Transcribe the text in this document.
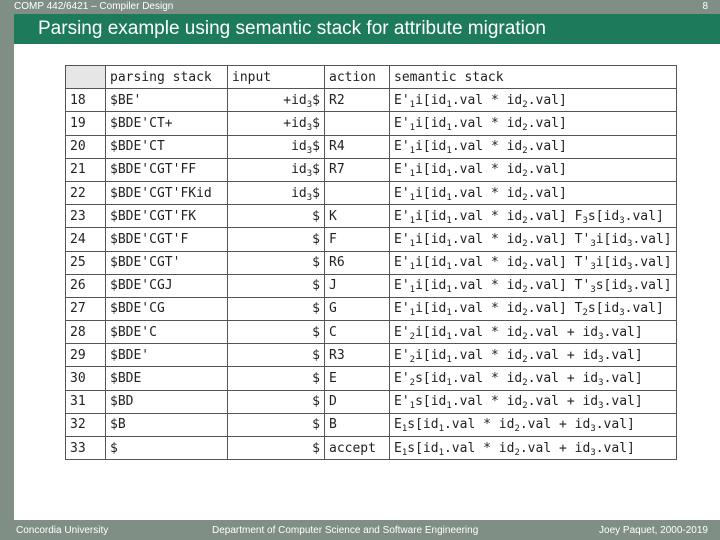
COMP 442/6421 – Compiler Design	8
Parsing example using semantic stack for attribute migration
	parsing stack	input	action	semantic stack
18	$BE'	$+id_3\$$	R2	$E'_1i[id_1.val * id_2.val]$
19	$BDE'CT+	$+id_3\$$		$E'_1i[id_1.val * id_2.val]$
20	$BDE'CT	$id_3\$$	R4	$E'_1i[id_1.val * id_2.val]$
21	$BDE'CGT'FF	$id_3\$$	R7	$E'_1i[id_1.val * id_2.val]$
22	$BDE'CGT'FKid	$id_3\$$		$E'_1i[id_1.val * id_2.val]$
23	$BDE'CGT'FK	$	K	$E'_1i[id_1.val * id_2.val]$ $F_3s[id_3.val]$
24	$BDE'CGT'F	$	F	$E'_1i[id_1.val * id_2.val]$ $T'_3i[id_3.val]$
25	$BDE'CGT'	$	R6	$E'_1i[id_1.val * id_2.val]$ $T'_3i[id_3.val]$
26	$BDE'CGJ	$	J	$E'_1i[id_1.val * id_2.val]$ $T'_3s[id_3.val]$
27	$BDE'CG	$	G	$E'_1i[id_1.val * id_2.val]$ $T_2s[id_3.val]$
28	$BDE'C	$	C	$E'_2i[id_1.val * id_2.val + id_3.val]$
29	$BDE'	$	R3	$E'_2i[id_1.val * id_2.val + id_3.val]$
30	$BDE	$	E	$E'_2s[id_1.val * id_2.val + id_3.val]$
31	$BD	$	D	$E'_1s[id_1.val * id_2.val + id_3.val]$
32	$B	$	B	$E_1s[id_1.val * id_2.val + id_3.val]$
33	$	$	accept	$E_1s[id_1.val * id_2.val + id_3.val]$
Concordia University	Department of Computer Science and Software Engineering	Joey Paquet, 2000-2019
